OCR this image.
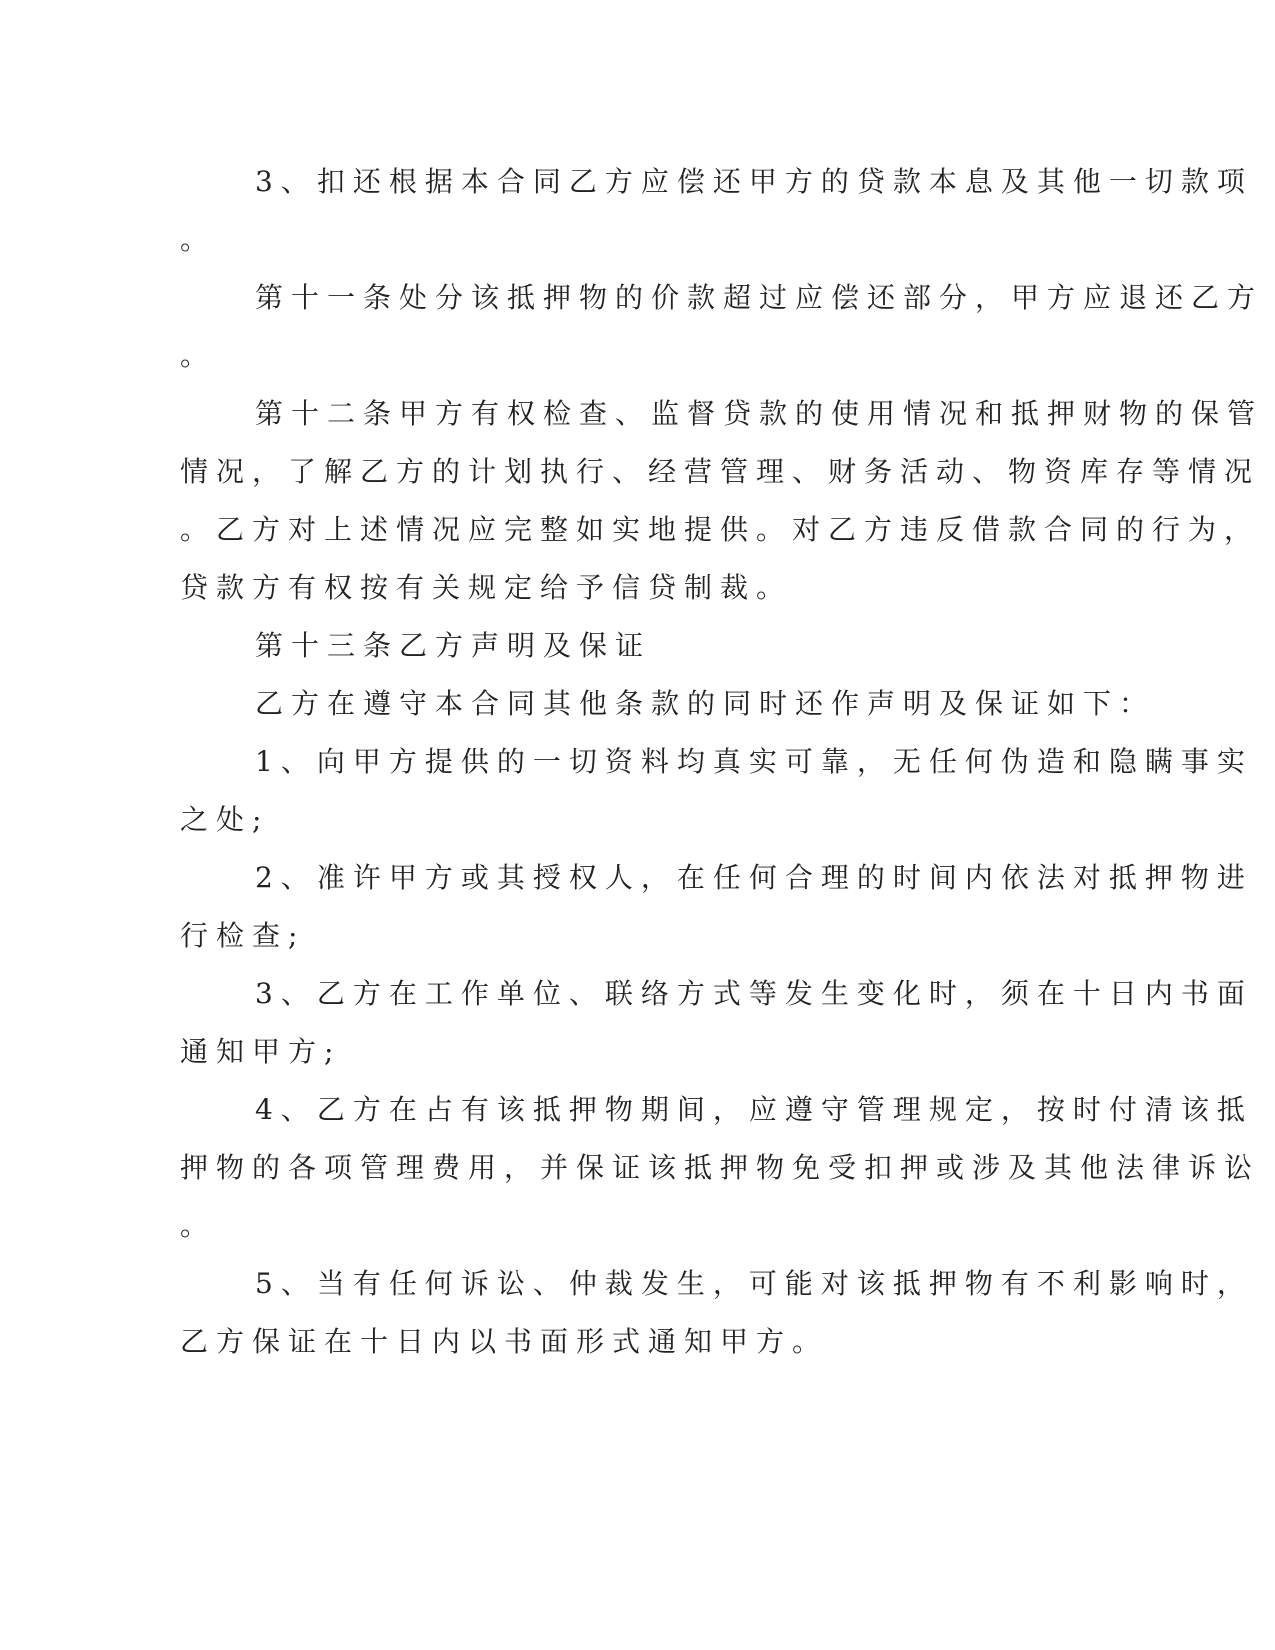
3、扣还根据本合同乙方应偿还甲方的贷款本息及其他一切款项

。

第十一条处分该抵押物的价款超过应偿还部分，甲方应退还乙方

。

第十二条甲方有权检查、监督贷款的使用情况和抵押财物的保管

情况，了解乙方的计划执行、经营管理、财务活动、物资库存等情况

。乙方对上述情况应完整如实地提供。对乙方违反借款合同的行为，

贷款方有权按有关规定给予信贷制裁。

第十三条乙方声明及保证

乙方在遵守本合同其他条款的同时还作声明及保证如下：

1、向甲方提供的一切资料均真实可靠，无任何伪造和隐瞒事实

之处;

2、准许甲方或其授权人，在任何合理的时间内依法对抵押物进

行检查;

3、乙方在工作单位、联络方式等发生变化时，须在十日内书面

通知甲方;

4、乙方在占有该抵押物期间，应遵守管理规定，按时付清该抵

押物的各项管理费用，并保证该抵押物免受扣押或涉及其他法律诉讼

。

5、当有任何诉讼、仲裁发生，可能对该抵押物有不利影响时，

乙方保证在十日内以书面形式通知甲方。
